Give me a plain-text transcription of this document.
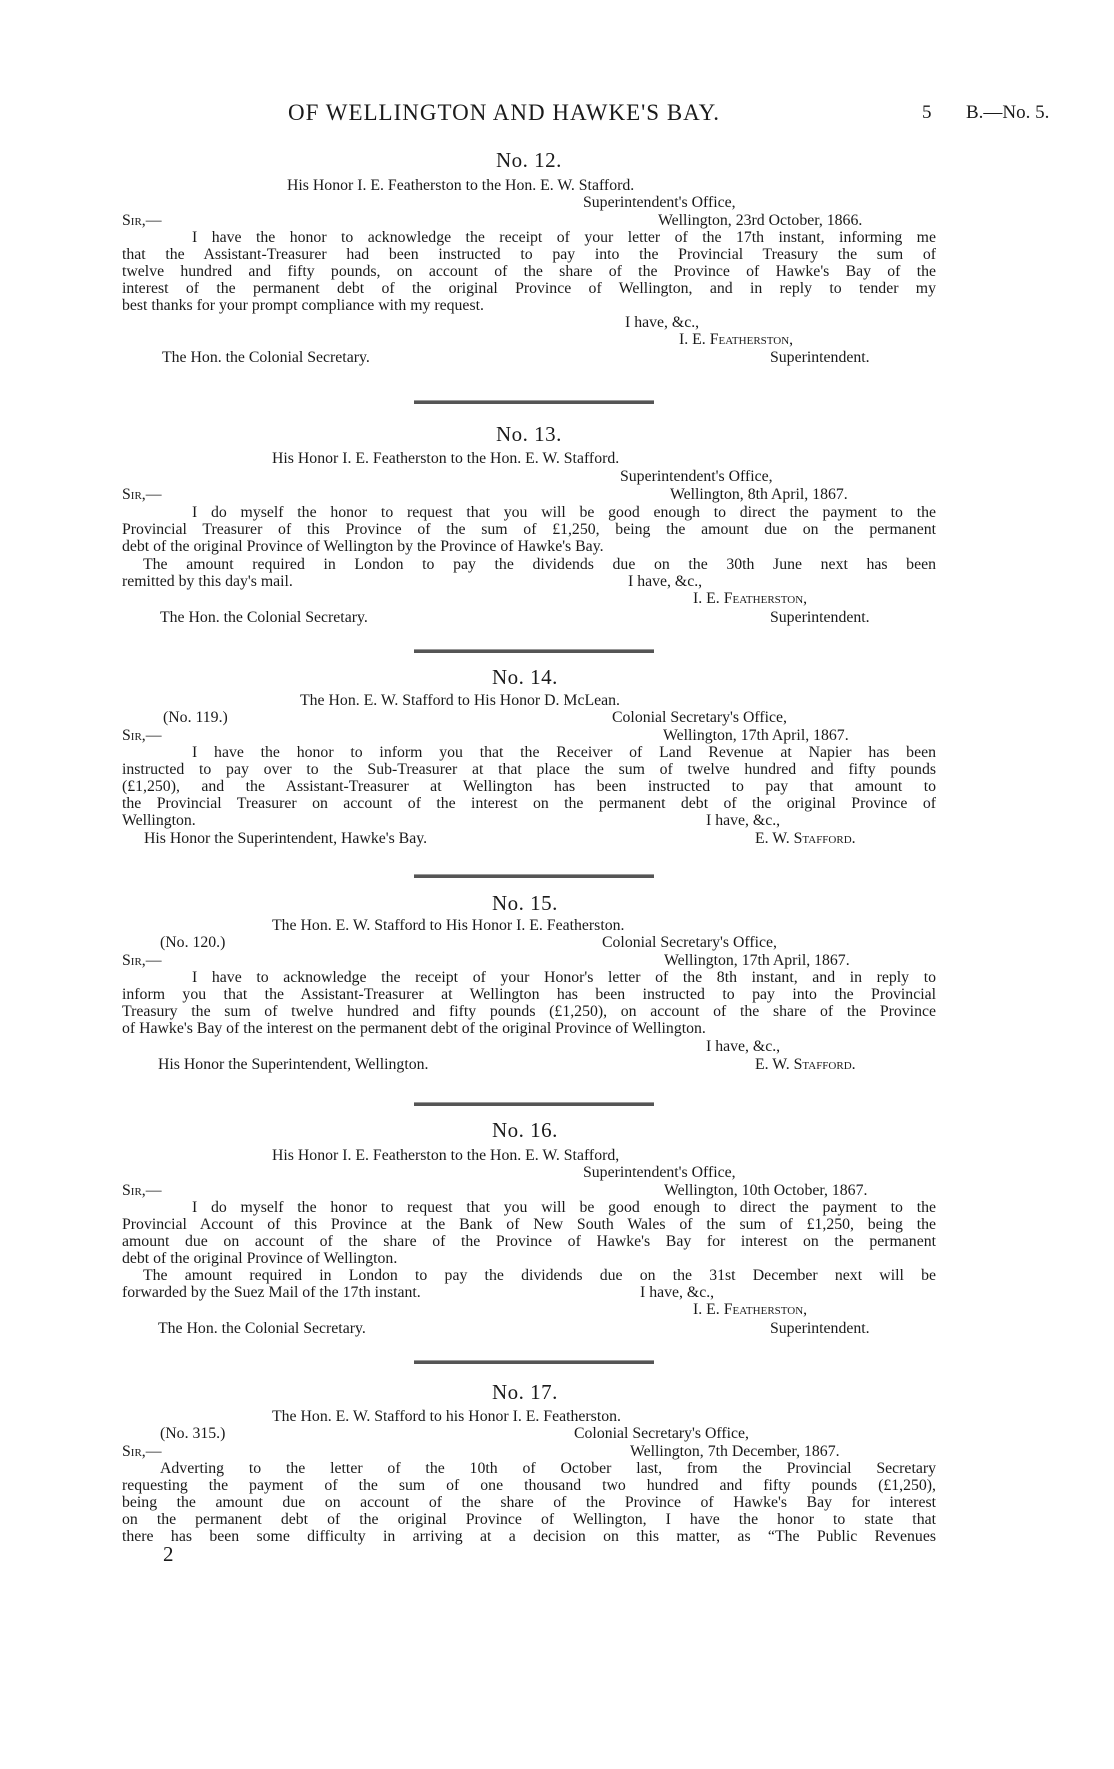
OF WELLINGTON AND HAWKE'S BAY.	5 B.—No. 5.
No. 12.
His Honor I. E. Featherston to the Hon. E. W. Stafford.
Superintendent's Office,
Sir,—	Wellington, 23rd October, 1866.
I have the honor to acknowledge the receipt of your letter of the 17th instant, informing me
that the Assistant-Treasurer had been instructed to pay into the Provincial Treasury the sum of
twelve hundred and fifty pounds, on account of the share of the Province of Hawke's Bay of the
interest of the permanent debt of the original Province of Wellington, and in reply to tender my
best thanks for your prompt compliance with my request.
I have, &c.,
I. E. Featherston,
The Hon. the Colonial Secretary.	Superintendent.
No. 13.
His Honor I. E. Featherston to the Hon. E. W. Stafford.
Superintendent's Office,
Sir,—	Wellington, 8th April, 1867.
I do myself the honor to request that you will be good enough to direct the payment to the
Provincial Treasurer of this Province of the sum of £1,250, being the amount due on the permanent
debt of the original Province of Wellington by the Province of Hawke's Bay.
The amount required in London to pay the dividends due on the 30th June next has been
remitted by this day's mail.	I have, &c.,
I. E. Featherston,
The Hon. the Colonial Secretary.	Superintendent.
No. 14.
The Hon. E. W. Stafford to His Honor D. McLean.
(No. 119.)	Colonial Secretary's Office,
Sir,—	Wellington, 17th April, 1867.
I have the honor to inform you that the Receiver of Land Revenue at Napier has been
instructed to pay over to the Sub-Treasurer at that place the sum of twelve hundred and fifty pounds
(£1,250), and the Assistant-Treasurer at Wellington has been instructed to pay that amount to
the Provincial Treasurer on account of the interest on the permanent debt of the original Province of
Wellington.	I have, &c.,
His Honor the Superintendent, Hawke's Bay.	E. W. Stafford.
No. 15.
The Hon. E. W. Stafford to His Honor I. E. Featherston.
(No. 120.)	Colonial Secretary's Office,
Sir,—	Wellington, 17th April, 1867.
I have to acknowledge the receipt of your Honor's letter of the 8th instant, and in reply to
inform you that the Assistant-Treasurer at Wellington has been instructed to pay into the Provincial
Treasury the sum of twelve hundred and fifty pounds (£1,250), on account of the share of the Province
of Hawke's Bay of the interest on the permanent debt of the original Province of Wellington.
I have, &c.,
His Honor the Superintendent, Wellington.	E. W. Stafford.
No. 16.
His Honor I. E. Featherston to the Hon. E. W. Stafford,
Superintendent's Office,
Sir,—	Wellington, 10th October, 1867.
I do myself the honor to request that you will be good enough to direct the payment to the
Provincial Account of this Province at the Bank of New South Wales of the sum of £1,250, being the
amount due on account of the share of the Province of Hawke's Bay for interest on the permanent
debt of the original Province of Wellington.
The amount required in London to pay the dividends due on the 31st December next will be
forwarded by the Suez Mail of the 17th instant.	I have, &c.,
I. E. Featherston,
The Hon. the Colonial Secretary.	Superintendent.
No. 17.
The Hon. E. W. Stafford to his Honor I. E. Featherston.
(No. 315.)	Colonial Secretary's Office,
Sir,—	Wellington, 7th December, 1867.
Adverting to the letter of the 10th of October last, from the Provincial Secretary
requesting the payment of the sum of one thousand two hundred and fifty pounds (£1,250),
being the amount due on account of the share of the Province of Hawke's Bay for interest
on the permanent debt of the original Province of Wellington, I have the honor to state that
there has been some difficulty in arriving at a decision on this matter, as “The Public Revenues
2
